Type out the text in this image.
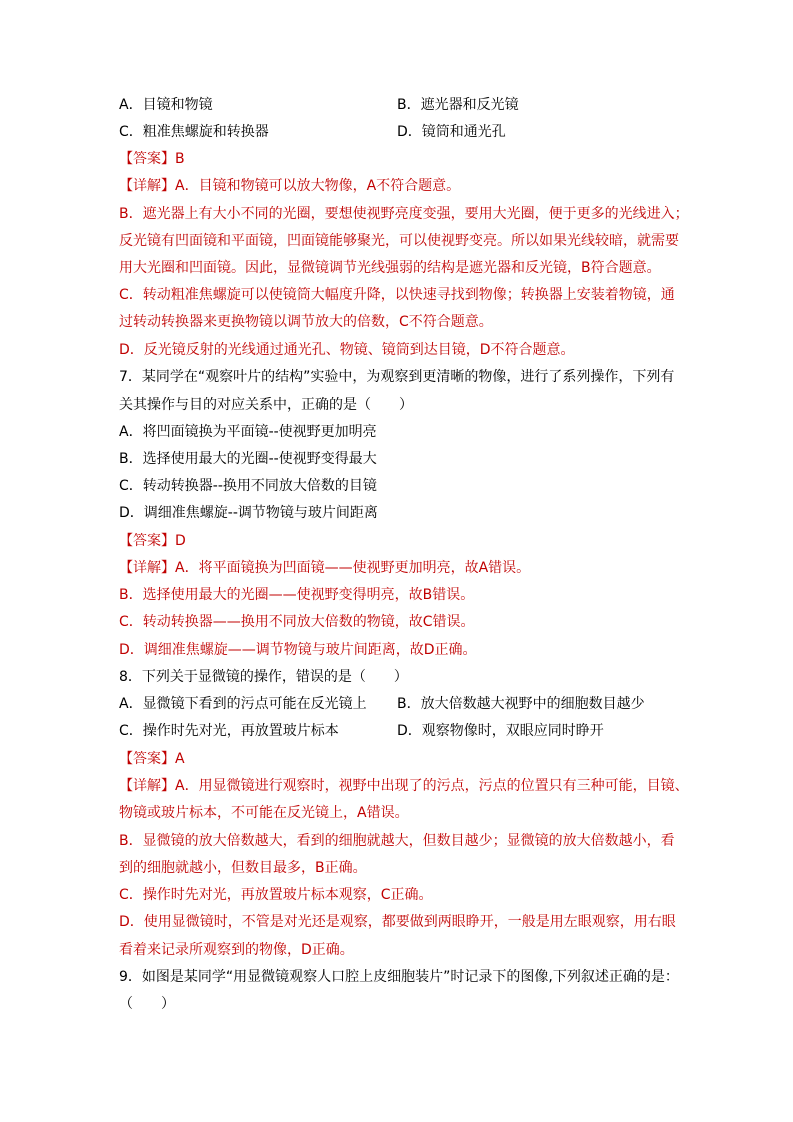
A．目镜和物镜	B．遮光器和反光镜
C．粗准焦螺旋和转换器	D．镜筒和通光孔
【答案】B
【详解】A．目镜和物镜可以放大物像，A不符合题意。
B．遮光器上有大小不同的光圈，要想使视野亮度变强，要用大光圈，便于更多的光线进入；
反光镜有凹面镜和平面镜，凹面镜能够聚光，可以使视野变亮。所以如果光线较暗，就需要
用大光圈和凹面镜。因此，显微镜调节光线强弱的结构是遮光器和反光镜，B符合题意。
C．转动粗准焦螺旋可以使镜筒大幅度升降，以快速寻找到物像；转换器上安装着物镜，通
过转动转换器来更换物镜以调节放大的倍数，C不符合题意。
D．反光镜反射的光线通过通光孔、物镜、镜筒到达目镜，D不符合题意。
7．某同学在“观察叶片的结构”实验中，为观察到更清晰的物像，进行了系列操作，下列有
关其操作与目的对应关系中，正确的是（　　）
A．将凹面镜换为平面镜--使视野更加明亮
B．选择使用最大的光圈--使视野变得最大
C．转动转换器--换用不同放大倍数的目镜
D．调细准焦螺旋--调节物镜与玻片间距离
【答案】D
【详解】A．将平面镜换为凹面镜——使视野更加明亮，故A错误。
B．选择使用最大的光圈——使视野变得明亮，故B错误。
C．转动转换器——换用不同放大倍数的物镜，故C错误。
D．调细准焦螺旋——调节物镜与玻片间距离，故D正确。
8．下列关于显微镜的操作，错误的是（　　）
A．显微镜下看到的污点可能在反光镜上 B．放大倍数越大视野中的细胞数目越少
C．操作时先对光，再放置玻片标本	D．观察物像时，双眼应同时睁开
【答案】A
【详解】A．用显微镜进行观察时，视野中出现了的污点，污点的位置只有三种可能，目镜、
物镜或玻片标本，不可能在反光镜上，A错误。
B．显微镜的放大倍数越大，看到的细胞就越大，但数目越少；显微镜的放大倍数越小，看
到的细胞就越小，但数目最多，B正确。
C．操作时先对光，再放置玻片标本观察，C正确。
D．使用显微镜时，不管是对光还是观察，都要做到两眼睁开，一般是用左眼观察，用右眼
看着来记录所观察到的物像，D正确。
9．如图是某同学“用显微镜观察人口腔上皮细胞装片”时记录下的图像,下列叙述正确的是：
（　　）
